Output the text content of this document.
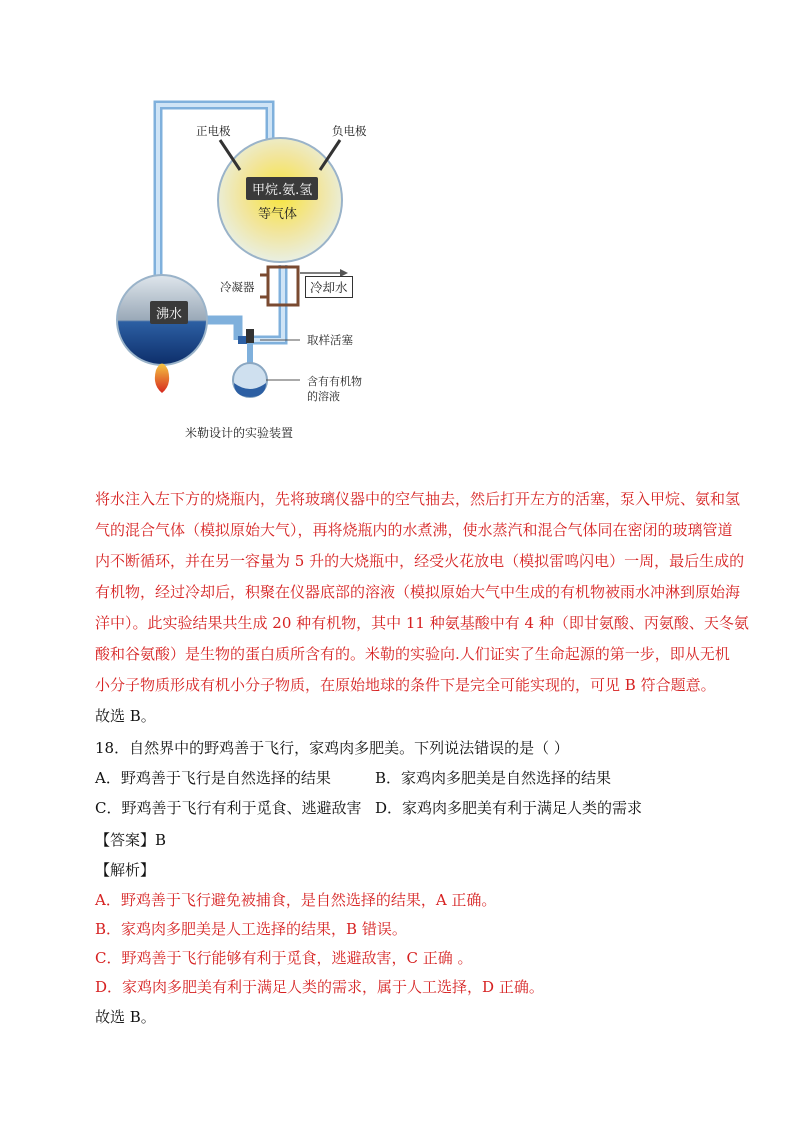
正电极	负电极
甲烷.氨.氢
等气体
冷凝器	冷却水
沸水
取样活塞
含有有机物
的溶液
米勒设计的实验装置
将水注入左下方的烧瓶内，先将玻璃仪器中的空气抽去，然后打开左方的活塞，泵入甲烷、氨和氢
气的混合气体（模拟原始大气），再将烧瓶内的水煮沸，使水蒸汽和混合气体同在密闭的玻璃管道
内不断循环，并在另一容量为 5 升的大烧瓶中，经受火花放电（模拟雷鸣闪电）一周，最后生成的
有机物，经过冷却后，积聚在仪器底部的溶液（模拟原始大气中生成的有机物被雨水冲淋到原始海
洋中）。此实验结果共生成 20 种有机物，其中 11 种氨基酸中有 4 种（即甘氨酸、丙氨酸、天冬氨
酸和谷氨酸）是生物的蛋白质所含有的。米勒的实验向.人们证实了生命起源的第一步，即从无机
小分子物质形成有机小分子物质，在原始地球的条件下是完全可能实现的，可见 B 符合题意。
故选 B。
18．自然界中的野鸡善于飞行，家鸡肉多肥美。下列说法错误的是（ ）
A．野鸡善于飞行是自然选择的结果	B．家鸡肉多肥美是自然选择的结果
C．野鸡善于飞行有利于觅食、逃避敌害 D．家鸡肉多肥美有利于满足人类的需求
【答案】B
【解析】
A．野鸡善于飞行避免被捕食，是自然选择的结果，A 正确。
B．家鸡肉多肥美是人工选择的结果，B 错误。
C．野鸡善于飞行能够有利于觅食，逃避敌害，C 正确 。
D．家鸡肉多肥美有利于满足人类的需求，属于人工选择，D 正确。
故选 B。
